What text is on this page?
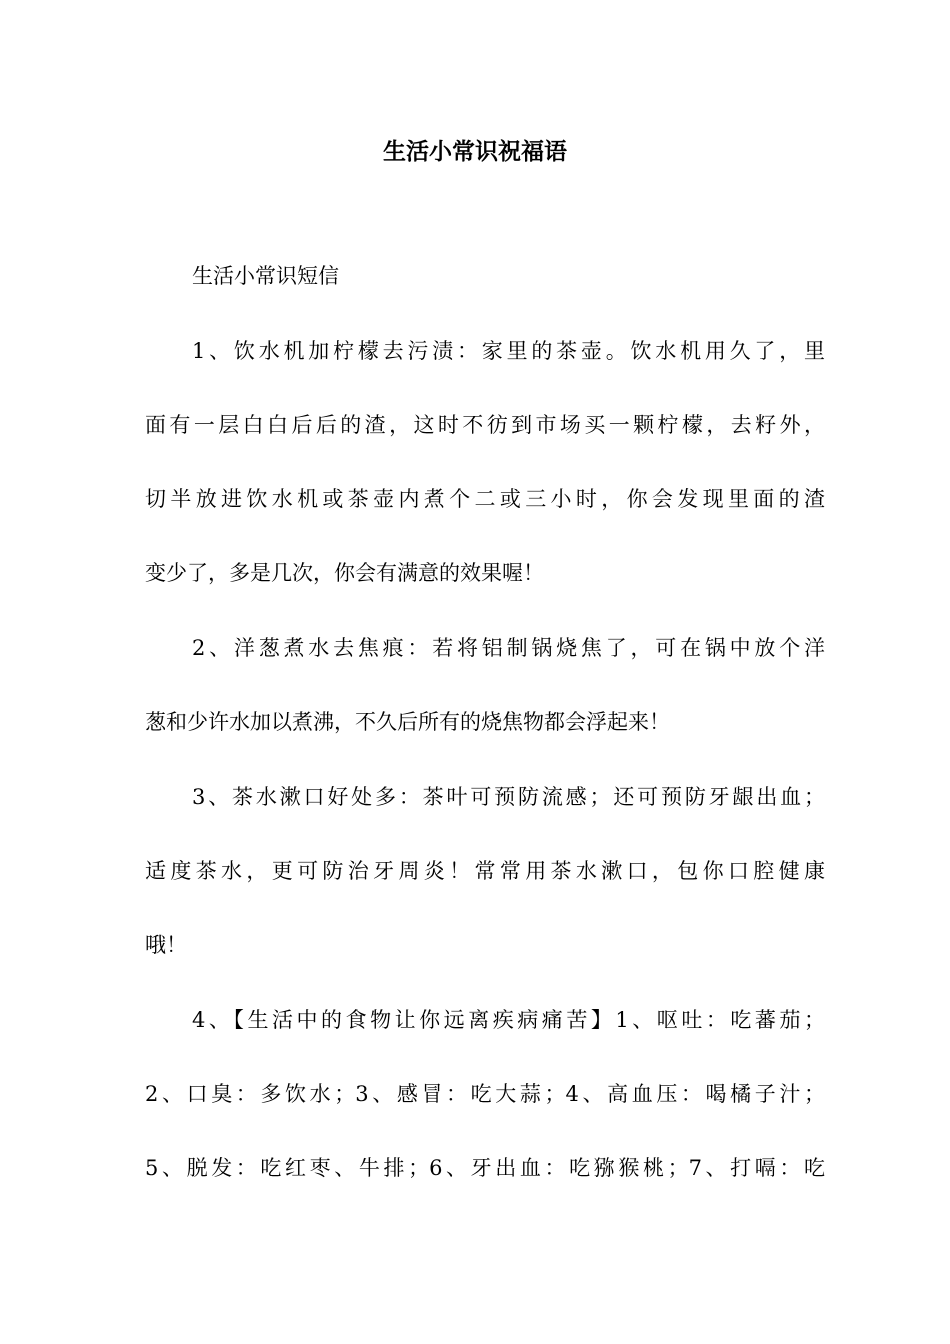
生活小常识祝福语

生活小常识短信

1、饮水机加柠檬去污渍：家里的茶壶。饮水机用久了，里

面有一层白白后后的渣，这时不彷到市场买一颗柠檬，去籽外，

切半放进饮水机或茶壶内煮个二或三小时，你会发现里面的渣

变少了，多是几次，你会有满意的效果喔！

2、洋葱煮水去焦痕：若将铝制锅烧焦了，可在锅中放个洋

葱和少许水加以煮沸，不久后所有的烧焦物都会浮起来！

3、茶水漱口好处多：茶叶可预防流感；还可预防牙龈出血；

适度茶水，更可防治牙周炎！常常用茶水漱口，包你口腔健康

哦！

4、【生活中的食物让你远离疾病痛苦】1、呕吐：吃蕃茄；

2、口臭：多饮水；3、感冒：吃大蒜；4、高血压：喝橘子汁；

5、脱发：吃红枣、牛排；6、牙出血：吃猕猴桃；7、打嗝：吃
